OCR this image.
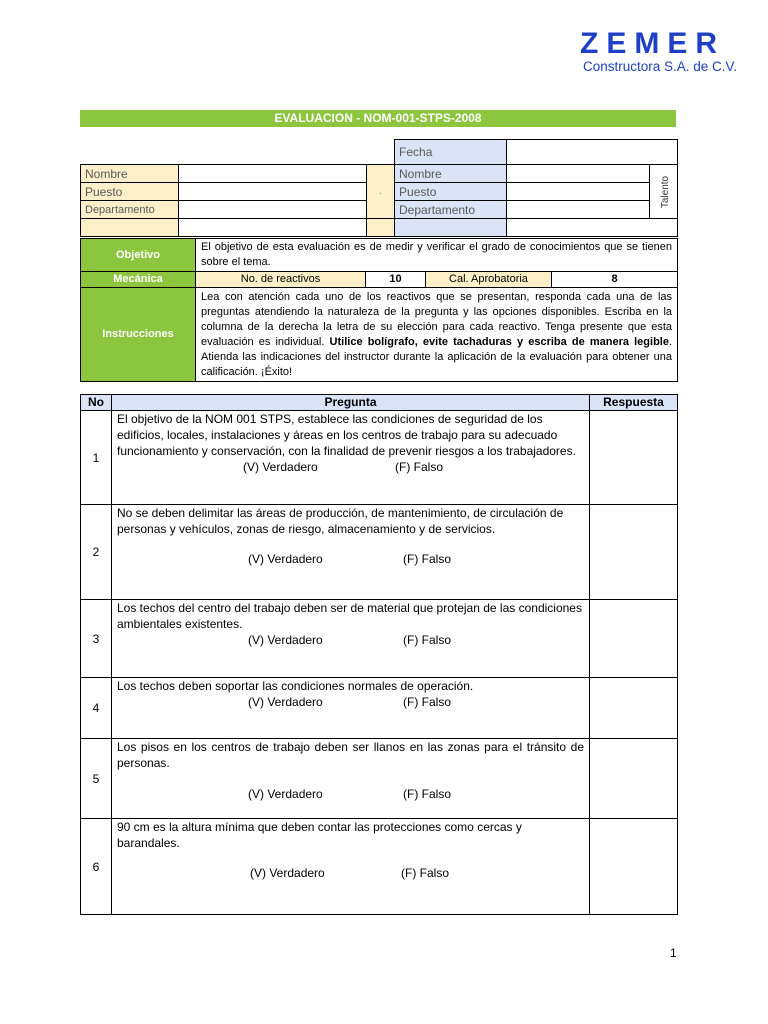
ZEMER
Constructora S.A. de C.V.
EVALUACION - NOM-001-STPS-2008
			Fecha		
Nombre		.	Nombre		Talento
Puesto			Puesto		
Departamento			Departamento		

Objetivo	El objetivo de esta evaluación es de medir y verificar el grado de conocimientos que se tienen sobre el tema.			
Mecánica	No. de reactivos	10	Cal. Aprobatoria	8
Instrucciones	Lea con atención cada uno de los reactivos que se presentan, responda cada una de las preguntas atendiendo la naturaleza de la pregunta y las opciones disponibles. Escriba en la columna de la derecha la letra de su elección para cada reactivo. Tenga presente que esta evaluación es individual. Utilice bolígrafo, evite tachaduras y escriba de manera legible. Atienda las indicaciones del instructor durante la aplicación de la evaluación para obtener una calificación. ¡Éxito!			
No	Pregunta	Respuesta
1	El objetivo de la NOM 001 STPS, establece las condiciones de seguridad de los edificios, locales, instalaciones y áreas en los centros de trabajo para su adecuado funcionamiento y conservación, con la finalidad de prevenir riesgos a los trabajadores.
(V) Verdadero (F) Falso	

2	No se deben delimitar las áreas de producción, de mantenimiento, de circulación de personas y vehículos, zonas de riesgo, almacenamiento y de servicios.
(V) Verdadero (F) Falso	

3	Los techos del centro del trabajo deben ser de material que protejan de las condiciones ambientales existentes.
(V) Verdadero (F) Falso	

4	Los techos deben soportar las condiciones normales de operación.
(V) Verdadero (F) Falso	

5	Los pisos en los centros de trabajo deben ser llanos en las zonas para el tránsito de personas.
(V) Verdadero (F) Falso	

6	90 cm es la altura mínima que deben contar las protecciones como cercas y barandales.
(V) Verdadero (F) Falso	

1
